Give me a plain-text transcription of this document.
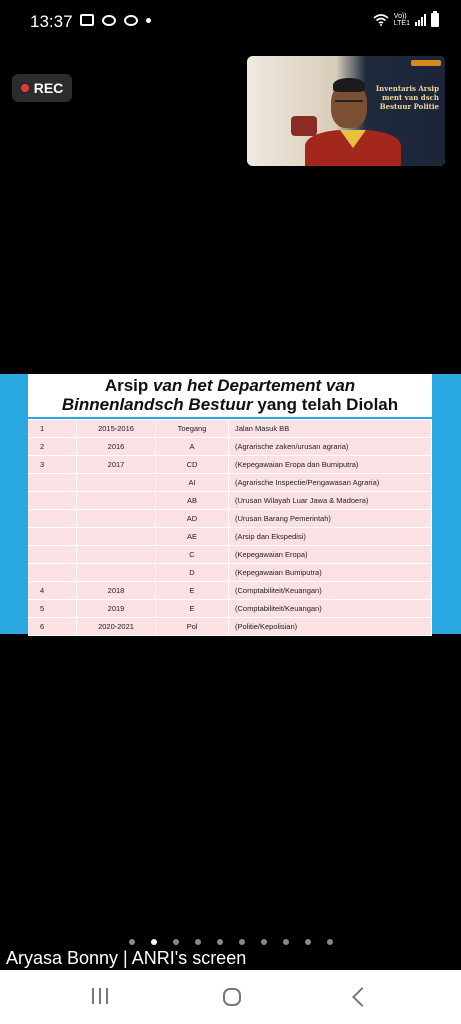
13:37	Vo))
LTE1
REC	Inventaris Arsip ment van dsch Bestuur Politie
Arsip van het Departement van
Binnenlandsch Bestuur yang telah Diolah
1	2015-2016	Toegang	Jalan Masuk BB
2	2016	A	(Agrarische zaken/urusan agraria)
3	2017	CD	(Kepegawaian Eropa dan Bumiputra)
		AI	(Agrarische Inspectie/Pengawasan Agraria)
		AB	(Urusan Wilayah Luar Jawa & Madoera)
		AD	(Urusan Barang Pemerintah)
		AE	(Arsip dan Ekspedisi)
		C	(Kepegawaian Eropa)
		D	(Kepegawaian Bumiputra)
4	2018	E	(Comptabiliteit/Keuangan)
5	2019	E	(Comptabiliteit/Keuangan)
6	2020-2021	Pol	(Politie/Kepolisian)
Aryasa Bonny | ANRI's screen
